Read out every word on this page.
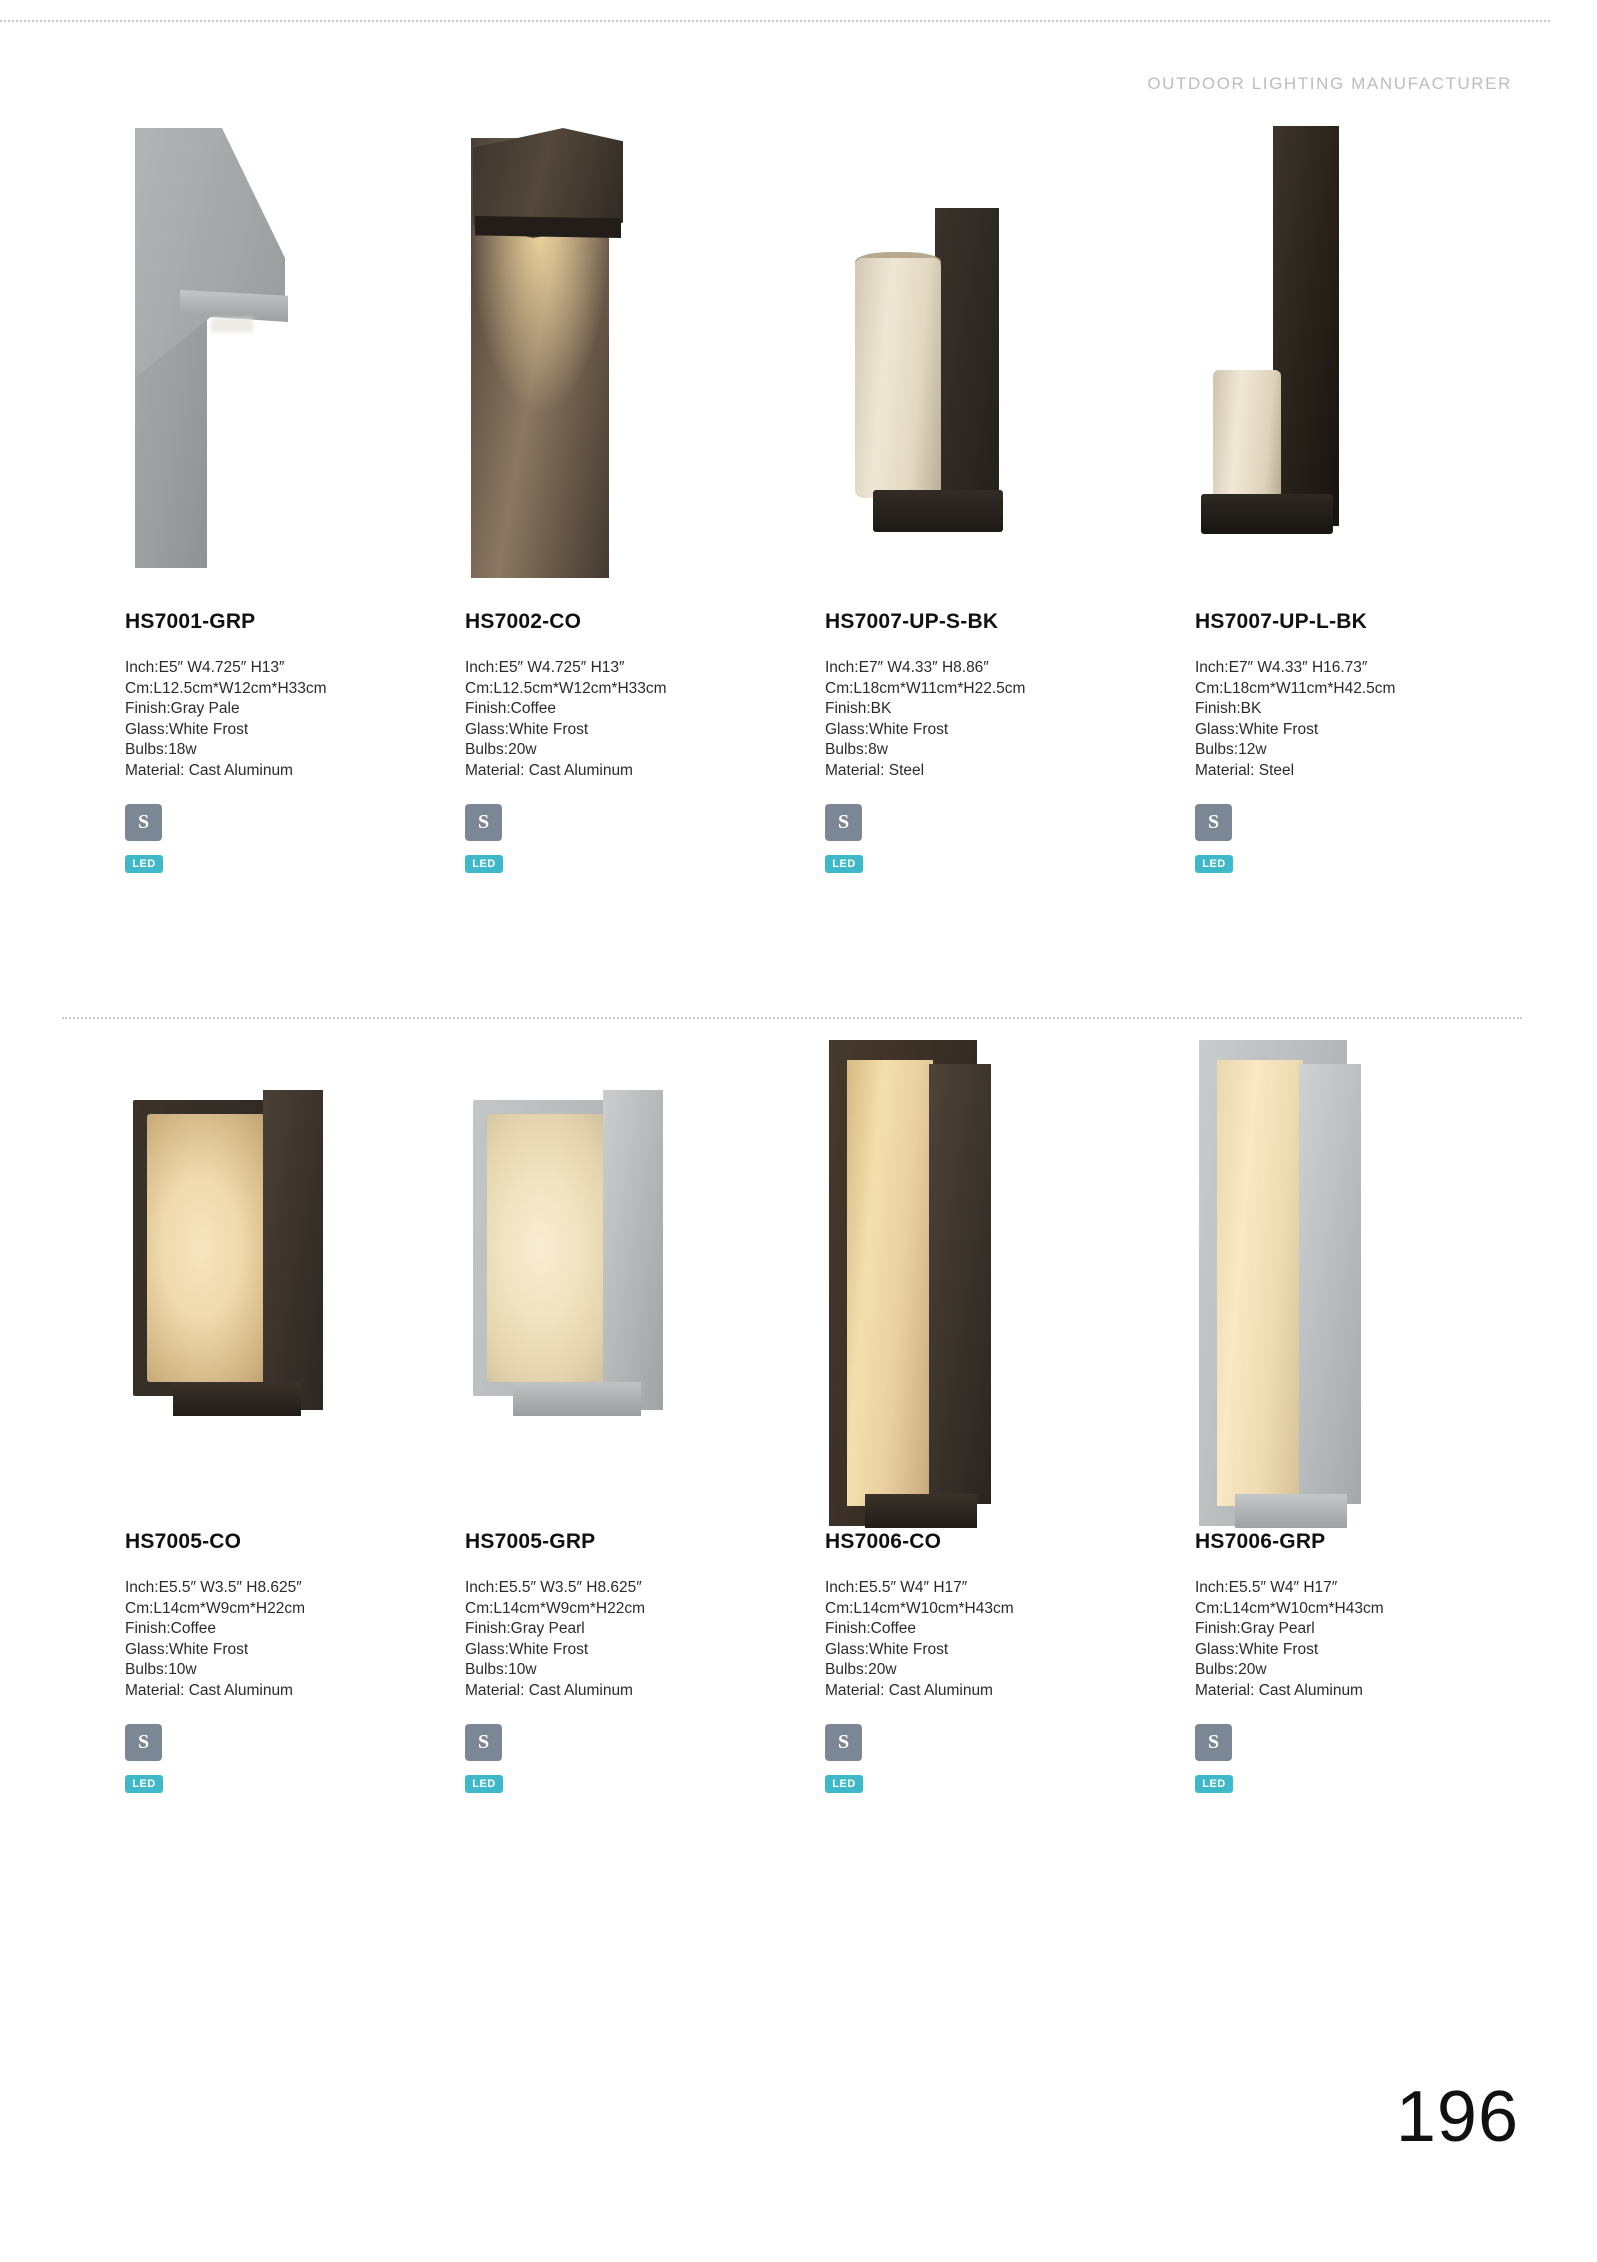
OUTDOOR LIGHTING MANUFACTURER
HS7001-GRP
Inch:E5″ W4.725″ H13″
Cm:L12.5cm*W12cm*H33cm
Finish:Gray Pale
Glass:White Frost
Bulbs:18w
Material: Cast Aluminum
S
LED
HS7002-CO
Inch:E5″ W4.725″ H13″
Cm:L12.5cm*W12cm*H33cm
Finish:Coffee
Glass:White Frost
Bulbs:20w
Material: Cast Aluminum
S
LED
HS7007-UP-S-BK
Inch:E7″ W4.33″ H8.86″
Cm:L18cm*W11cm*H22.5cm
Finish:BK
Glass:White Frost
Bulbs:8w
Material: Steel
S
LED
HS7007-UP-L-BK
Inch:E7″ W4.33″ H16.73″
Cm:L18cm*W11cm*H42.5cm
Finish:BK
Glass:White Frost
Bulbs:12w
Material: Steel
S
LED
HS7005-CO
Inch:E5.5″ W3.5″ H8.625″
Cm:L14cm*W9cm*H22cm
Finish:Coffee
Glass:White Frost
Bulbs:10w
Material: Cast Aluminum
S
LED
HS7005-GRP
Inch:E5.5″ W3.5″ H8.625″
Cm:L14cm*W9cm*H22cm
Finish:Gray Pearl
Glass:White Frost
Bulbs:10w
Material: Cast Aluminum
S
LED
HS7006-CO
Inch:E5.5″ W4″ H17″
Cm:L14cm*W10cm*H43cm
Finish:Coffee
Glass:White Frost
Bulbs:20w
Material: Cast Aluminum
S
LED
HS7006-GRP
Inch:E5.5″ W4″ H17″
Cm:L14cm*W10cm*H43cm
Finish:Gray Pearl
Glass:White Frost
Bulbs:20w
Material: Cast Aluminum
S
LED
196
